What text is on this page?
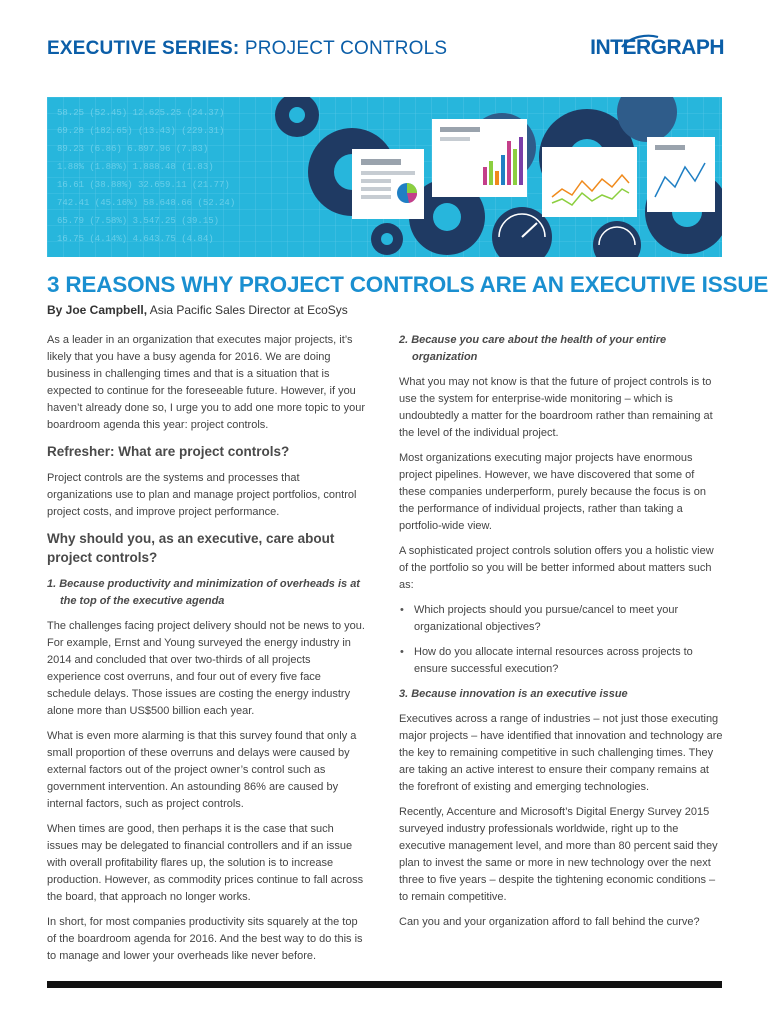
EXECUTIVE SERIES: PROJECT CONTROLS	INTERGRAPH
58.25 (52.45) 12.625.25 (24.37)
69.28 (182.65) (13.43) (229.31)
89.23 (6.86) 6.897.96 (7.83)
1.88% (1.88%) 1.888.48 (1.83)
16.61 (38.88%) 32.659.11 (21.77)
742.41 (45.16%) 58.648.66 (52.24)
65.79 (7.58%) 3.547.25 (39.15)
16.75 (4.14%) 4.643.75 (4.84)
3 REASONS WHY PROJECT CONTROLS ARE AN EXECUTIVE ISSUE
By Joe Campbell, Asia Pacific Sales Director at EcoSys

As a leader in an organization that executes major projects, it’s likely that you have a busy agenda for 2016. We are doing business in challenging times and that is a situation that is expected to continue for the foreseeable future. However, if you haven’t already done so, I urge you to add one more topic to your boardroom agenda this year: project controls.

Refresher: What are project controls?

Project controls are the systems and processes that organizations use to plan and manage project portfolios, control project costs, and improve project performance.

Why should you, as an executive, care about project controls?
1. Because productivity and minimization of overheads is at the top of the executive agenda

The challenges facing project delivery should not be news to you. For example, Ernst and Young surveyed the energy industry in 2014 and concluded that over two-thirds of all projects experience cost overruns, and four out of every five face schedule delays. Those issues are costing the energy industry alone more than US$500 billion each year.

What is even more alarming is that this survey found that only a small proportion of these overruns and delays were caused by external factors out of the project owner’s control such as government intervention. An astounding 86% are caused by internal factors, such as project controls.

When times are good, then perhaps it is the case that such issues may be delegated to financial controllers and if an issue with overall profitability flares up, the solution is to increase production. However, as commodity prices continue to fall across the board, that approach no longer works.

In short, for most companies productivity sits squarely at the top of the boardroom agenda for 2016. And the best way to do this is to manage and lower your overheads like never before.

2. Because you care about the health of your entire organization

What you may not know is that the future of project controls is to use the system for enterprise-wide monitoring – which is undoubtedly a matter for the boardroom rather than remaining at the level of the individual project.

Most organizations executing major projects have enormous project pipelines. However, we have discovered that some of these companies underperform, purely because the focus is on the performance of individual projects, rather than taking a portfolio-wide view.

A sophisticated project controls solution offers you a holistic view of the portfolio so you will be better informed about matters such as:

• Which projects should you pursue/cancel to meet your organizational objectives?
• How do you allocate internal resources across projects to ensure successful execution?
3. Because innovation is an executive issue

Executives across a range of industries – not just those executing major projects – have identified that innovation and technology are the key to remaining competitive in such challenging times. They are taking an active interest to ensure their company remains at the forefront of existing and emerging technologies.

Recently, Accenture and Microsoft’s Digital Energy Survey 2015 surveyed industry professionals worldwide, right up to the executive management level, and more than 80 percent said they plan to invest the same or more in new technology over the next three to five years – despite the tightening economic conditions – to remain competitive.

Can you and your organization afford to fall behind the curve?
